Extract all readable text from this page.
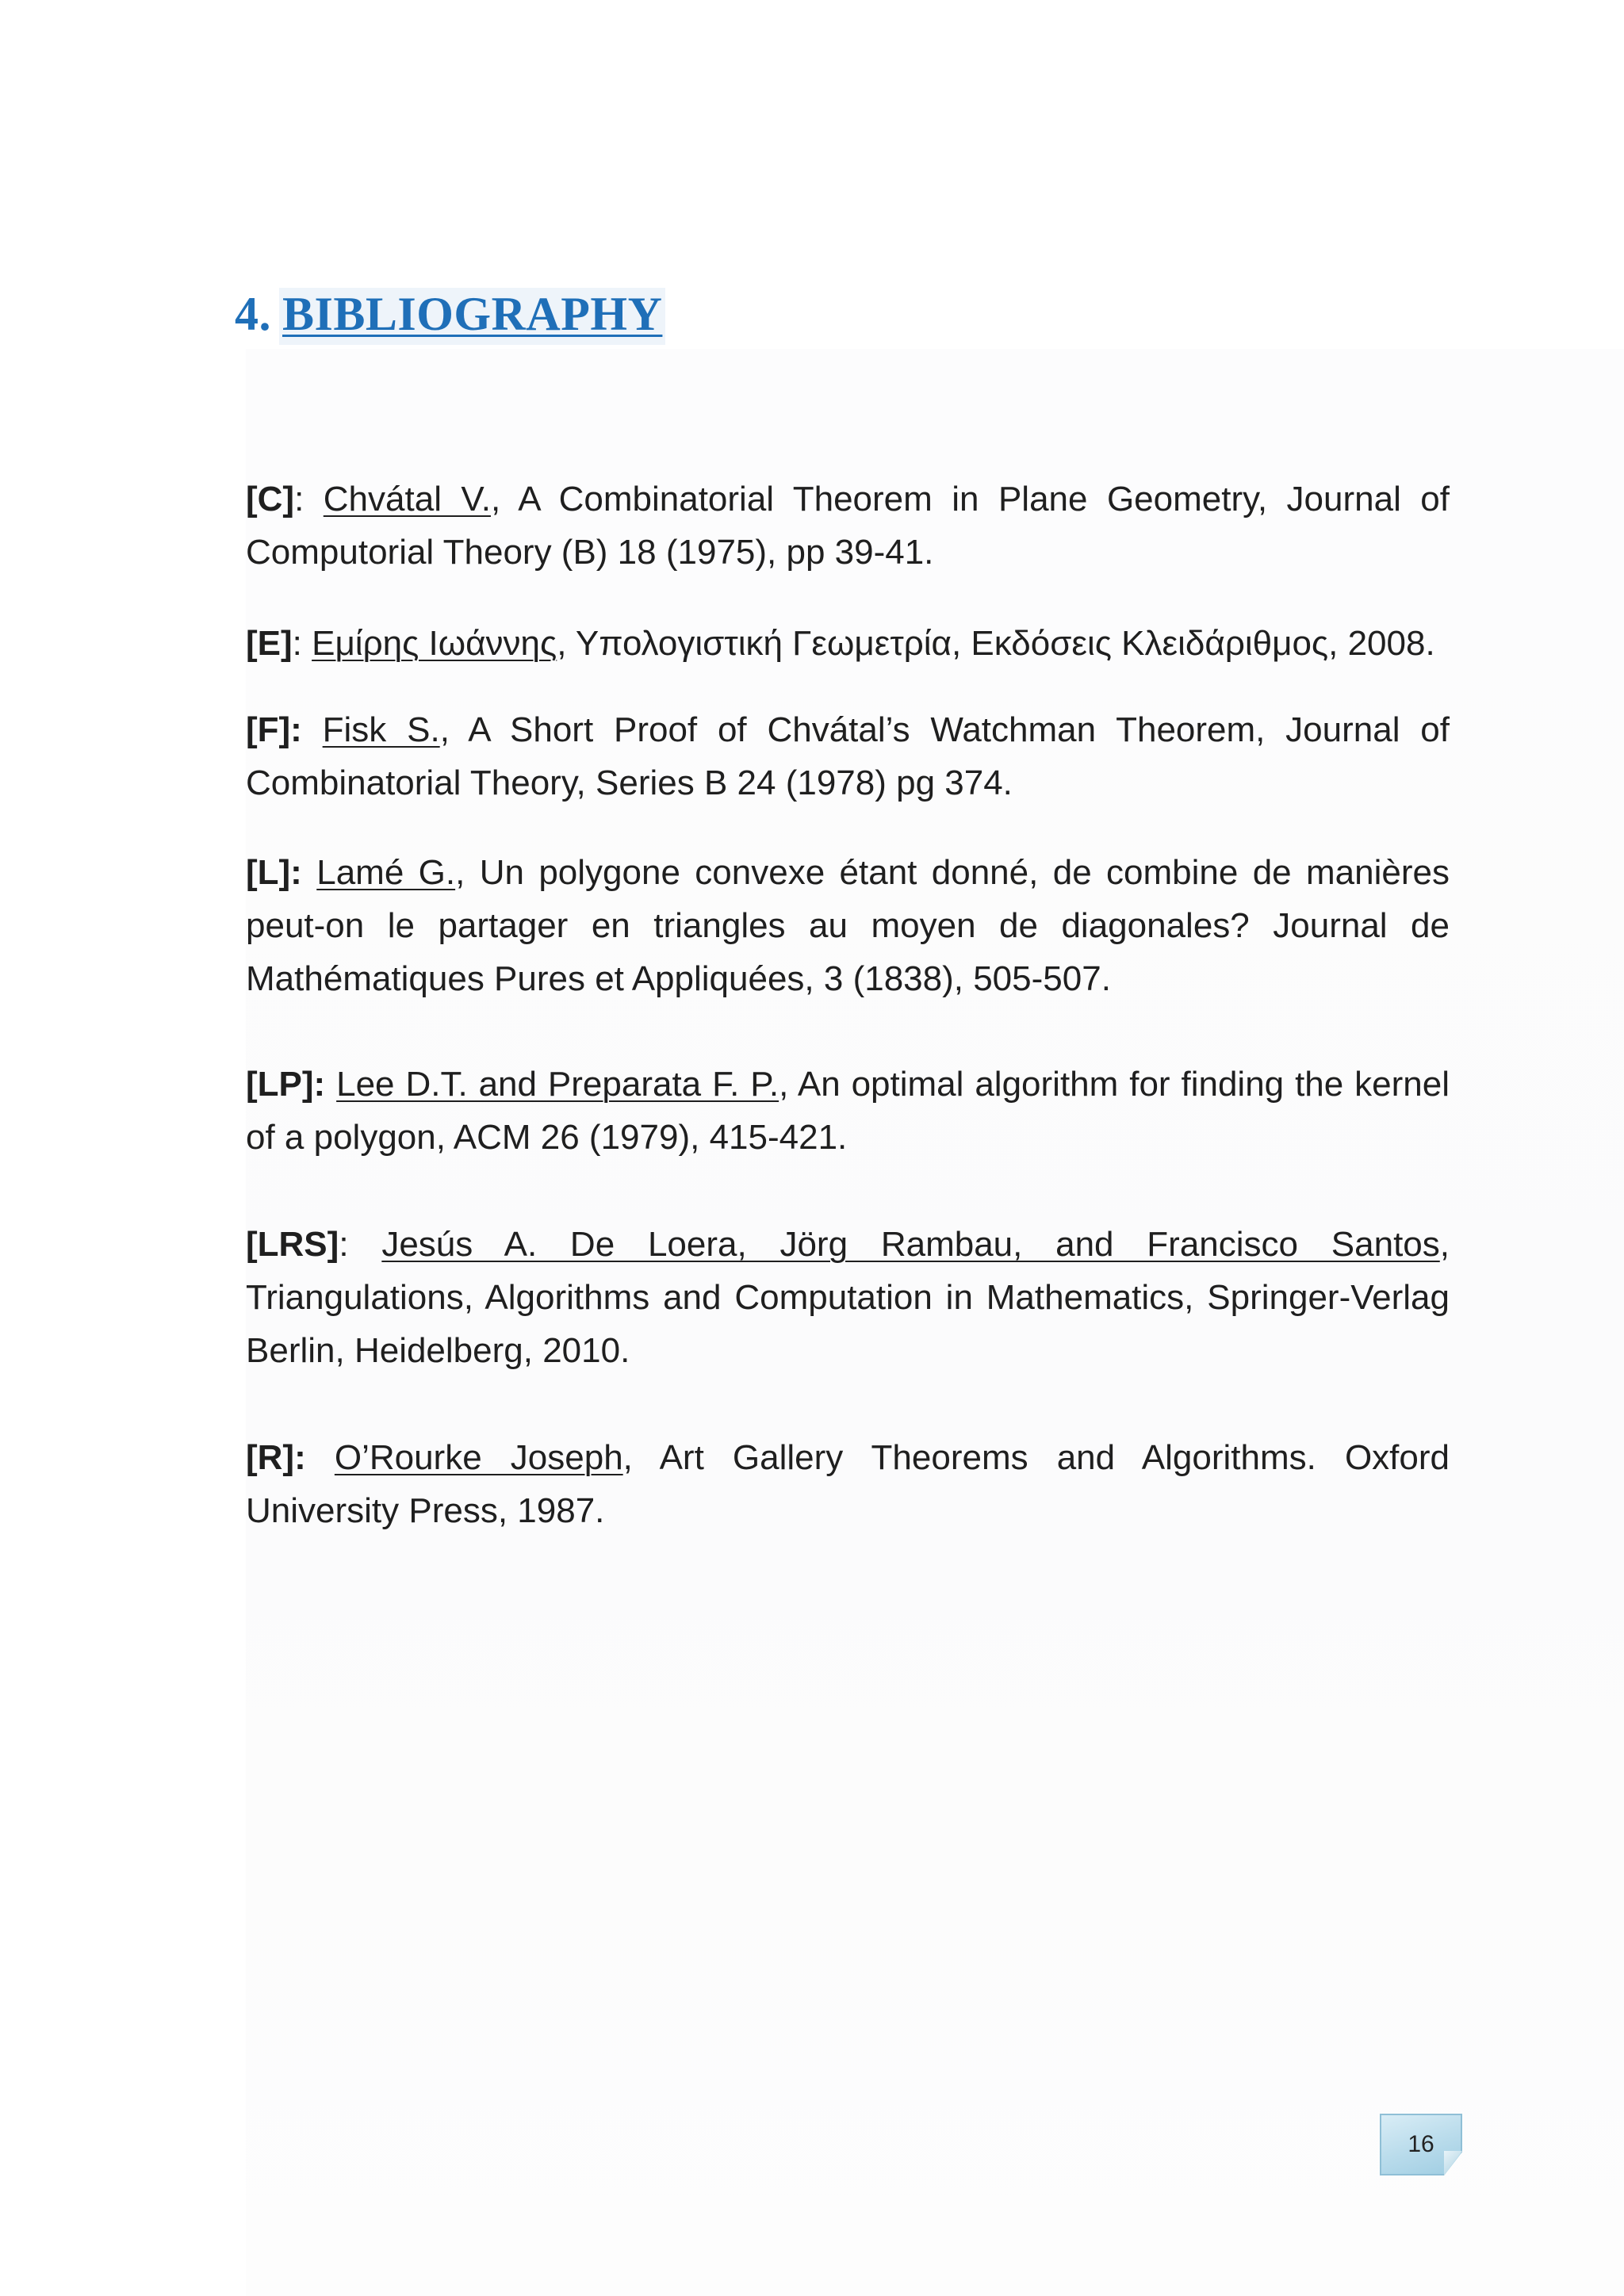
4. BIBLIOGRAPHY

[C]: Chvátal V., A Combinatorial Theorem in Plane Geometry, Journal of Computorial Theory (B) 18 (1975), pp 39-41.

[E]: Εμίρης Ιωάννης, Υπολογιστική Γεωμετρία, Εκδόσεις Κλειδάριθμος, 2008.

[F]: Fisk S., A Short Proof of Chvátal’s Watchman Theorem, Journal of Combinatorial Theory, Series B 24 (1978) pg 374.

[L]: Lamé G., Un polygone convexe étant donné, de combine de manières peut-on le partager en triangles au moyen de diagonales? Journal de Mathématiques Pures et Appliquées, 3 (1838), 505-507.

[LP]: Lee D.T. and Preparata F. P., An optimal algorithm for finding the kernel of a polygon, ACM 26 (1979), 415-421.

[LRS]: Jesús A. De Loera, Jörg Rambau, and Francisco Santos, Triangulations, Algorithms and Computation in Mathematics, Springer-Verlag Berlin, Heidelberg, 2010.

[R]: O’Rourke Joseph, Art Gallery Theorems and Algorithms. Oxford University Press, 1987.

16
